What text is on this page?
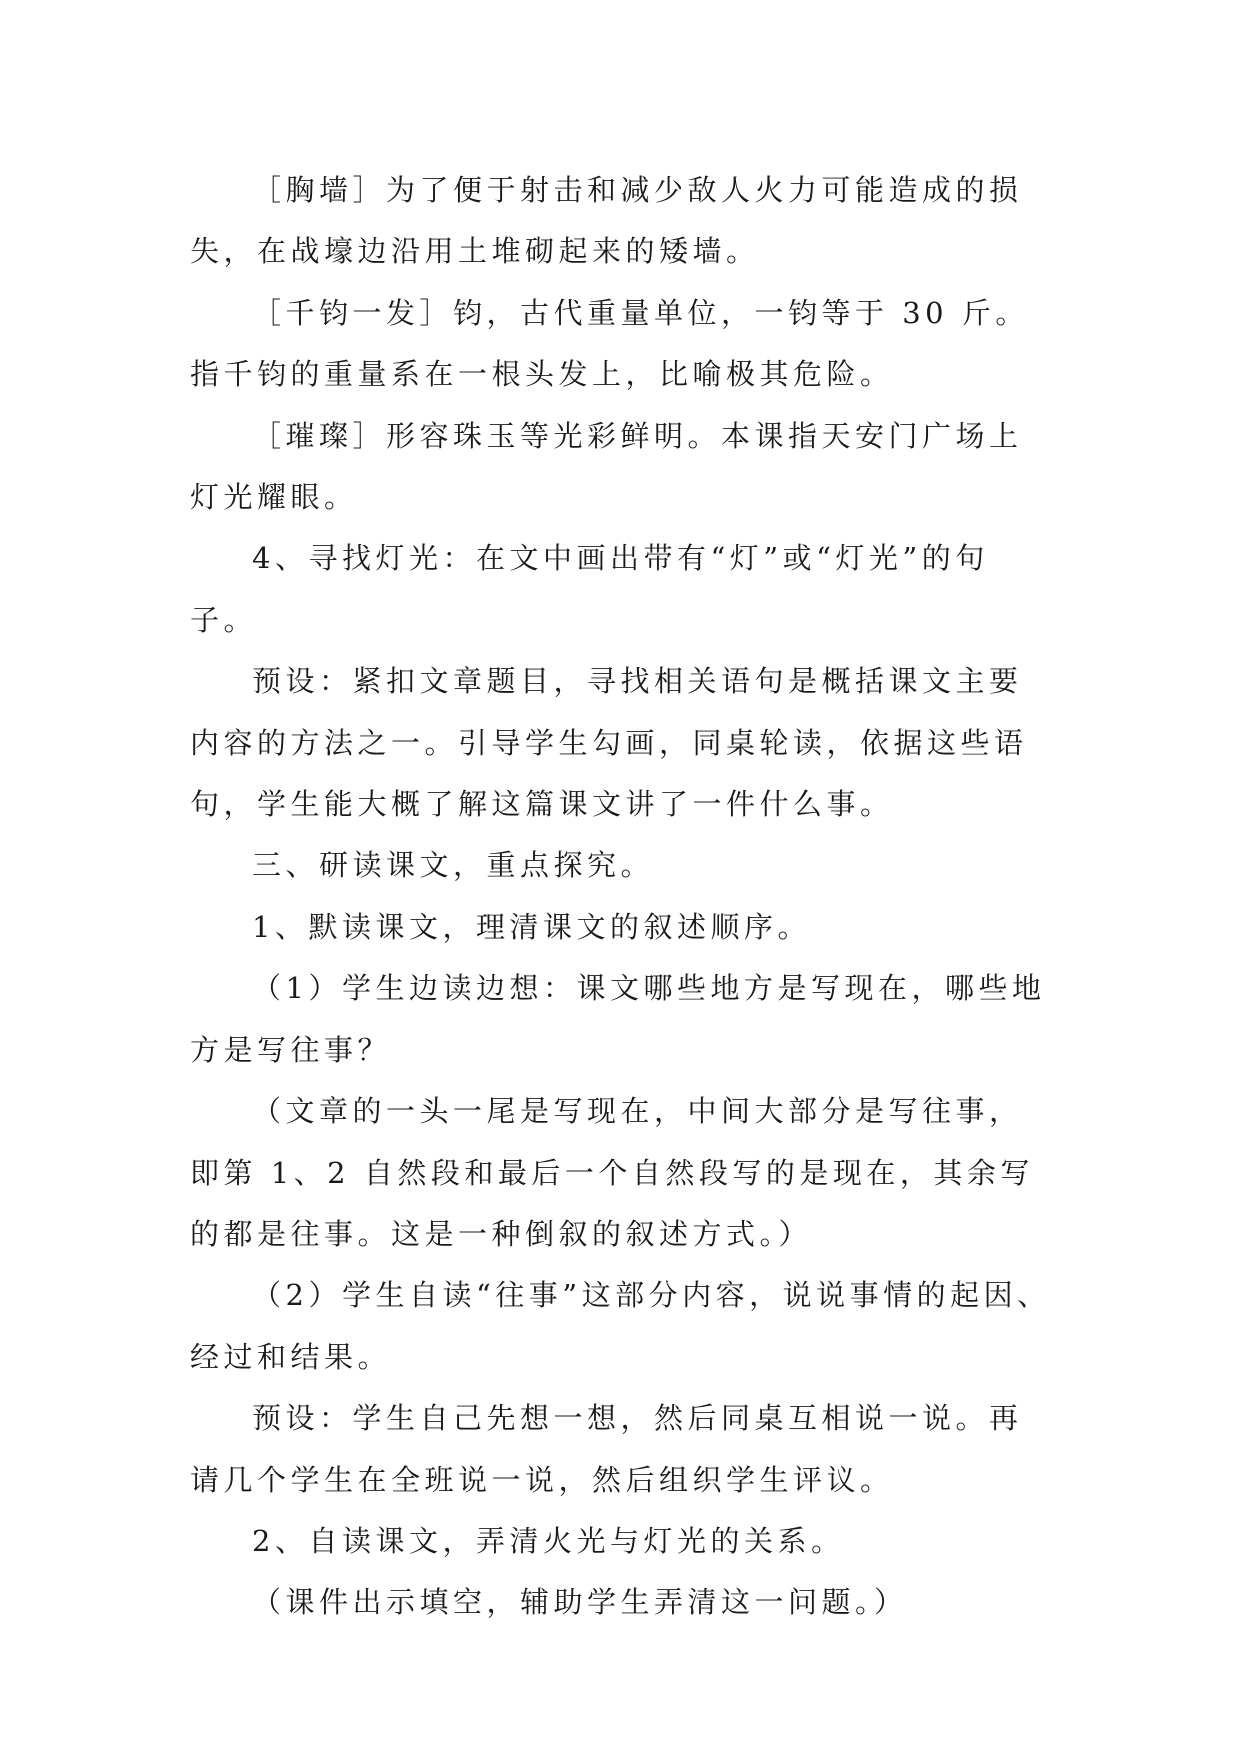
［胸墙］为了便于射击和减少敌人火力可能造成的损失，在战壕边沿用土堆砌起来的矮墙。

［千钧一发］钧，古代重量单位，一钧等于 30 斤。指千钧的重量系在一根头发上，比喻极其危险。

［璀璨］形容珠玉等光彩鲜明。本课指天安门广场上灯光耀眼。

4、寻找灯光：在文中画出带有“灯”或“灯光”的句子。

预设：紧扣文章题目，寻找相关语句是概括课文主要内容的方法之一。引导学生勾画，同桌轮读，依据这些语句，学生能大概了解这篇课文讲了一件什么事。

三、研读课文，重点探究。

1、默读课文，理清课文的叙述顺序。

（1）学生边读边想：课文哪些地方是写现在，哪些地方是写往事？

（文章的一头一尾是写现在，中间大部分是写往事，即第 1、2 自然段和最后一个自然段写的是现在，其余写的都是往事。这是一种倒叙的叙述方式。）

（2）学生自读“往事”这部分内容，说说事情的起因、经过和结果。

预设：学生自己先想一想，然后同桌互相说一说。再请几个学生在全班说一说，然后组织学生评议。

2、自读课文，弄清火光与灯光的关系。

（课件出示填空，辅助学生弄清这一问题。）
